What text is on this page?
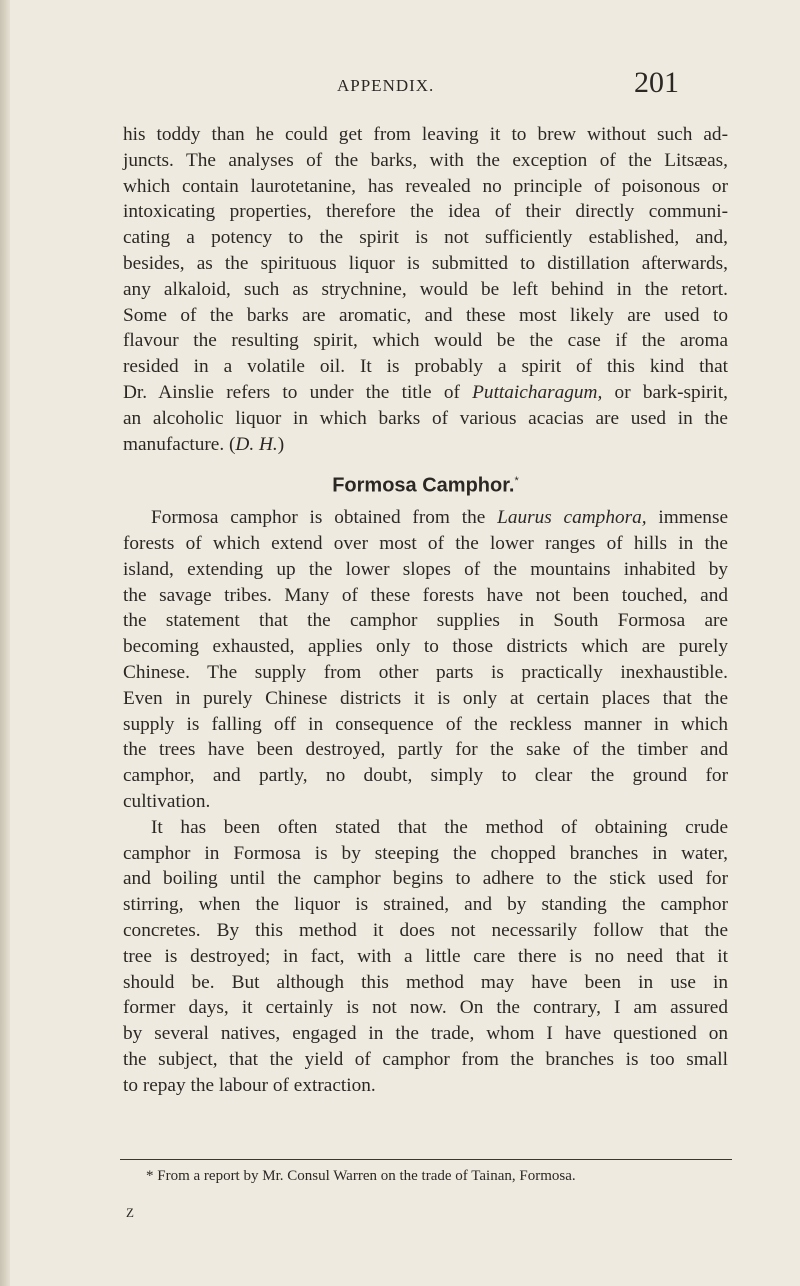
APPENDIX.	201
his toddy than he could get from leaving it to brew without such ad-
juncts. The analyses of the barks, with the exception of the Litsæas,
which contain laurotetanine, has revealed no principle of poisonous or
intoxicating properties, therefore the idea of their directly communi-
cating a potency to the spirit is not sufficiently established, and,
besides, as the spirituous liquor is submitted to distillation afterwards,
any alkaloid, such as strychnine, would be left behind in the retort.
Some of the barks are aromatic, and these most likely are used to
flavour the resulting spirit, which would be the case if the aroma
resided in a volatile oil. It is probably a spirit of this kind that
Dr. Ainslie refers to under the title of Puttaicharagum, or bark-spirit,
an alcoholic liquor in which barks of various acacias are used in the
manufacture. (D. H.)
Formosa Camphor.*
Formosa camphor is obtained from the Laurus camphora, immense
forests of which extend over most of the lower ranges of hills in the
island, extending up the lower slopes of the mountains inhabited by
the savage tribes. Many of these forests have not been touched, and
the statement that the camphor supplies in South Formosa are
becoming exhausted, applies only to those districts which are purely
Chinese. The supply from other parts is practically inexhaustible.
Even in purely Chinese districts it is only at certain places that the
supply is falling off in consequence of the reckless manner in which
the trees have been destroyed, partly for the sake of the timber and
camphor, and partly, no doubt, simply to clear the ground for
cultivation.
It has been often stated that the method of obtaining crude
camphor in Formosa is by steeping the chopped branches in water,
and boiling until the camphor begins to adhere to the stick used for
stirring, when the liquor is strained, and by standing the camphor
concretes. By this method it does not necessarily follow that the
tree is destroyed; in fact, with a little care there is no need that it
should be. But although this method may have been in use in
former days, it certainly is not now. On the contrary, I am assured
by several natives, engaged in the trade, whom I have questioned on
the subject, that the yield of camphor from the branches is too small
to repay the labour of extraction.
* From a report by Mr. Consul Warren on the trade of Tainan, Formosa.
Z
